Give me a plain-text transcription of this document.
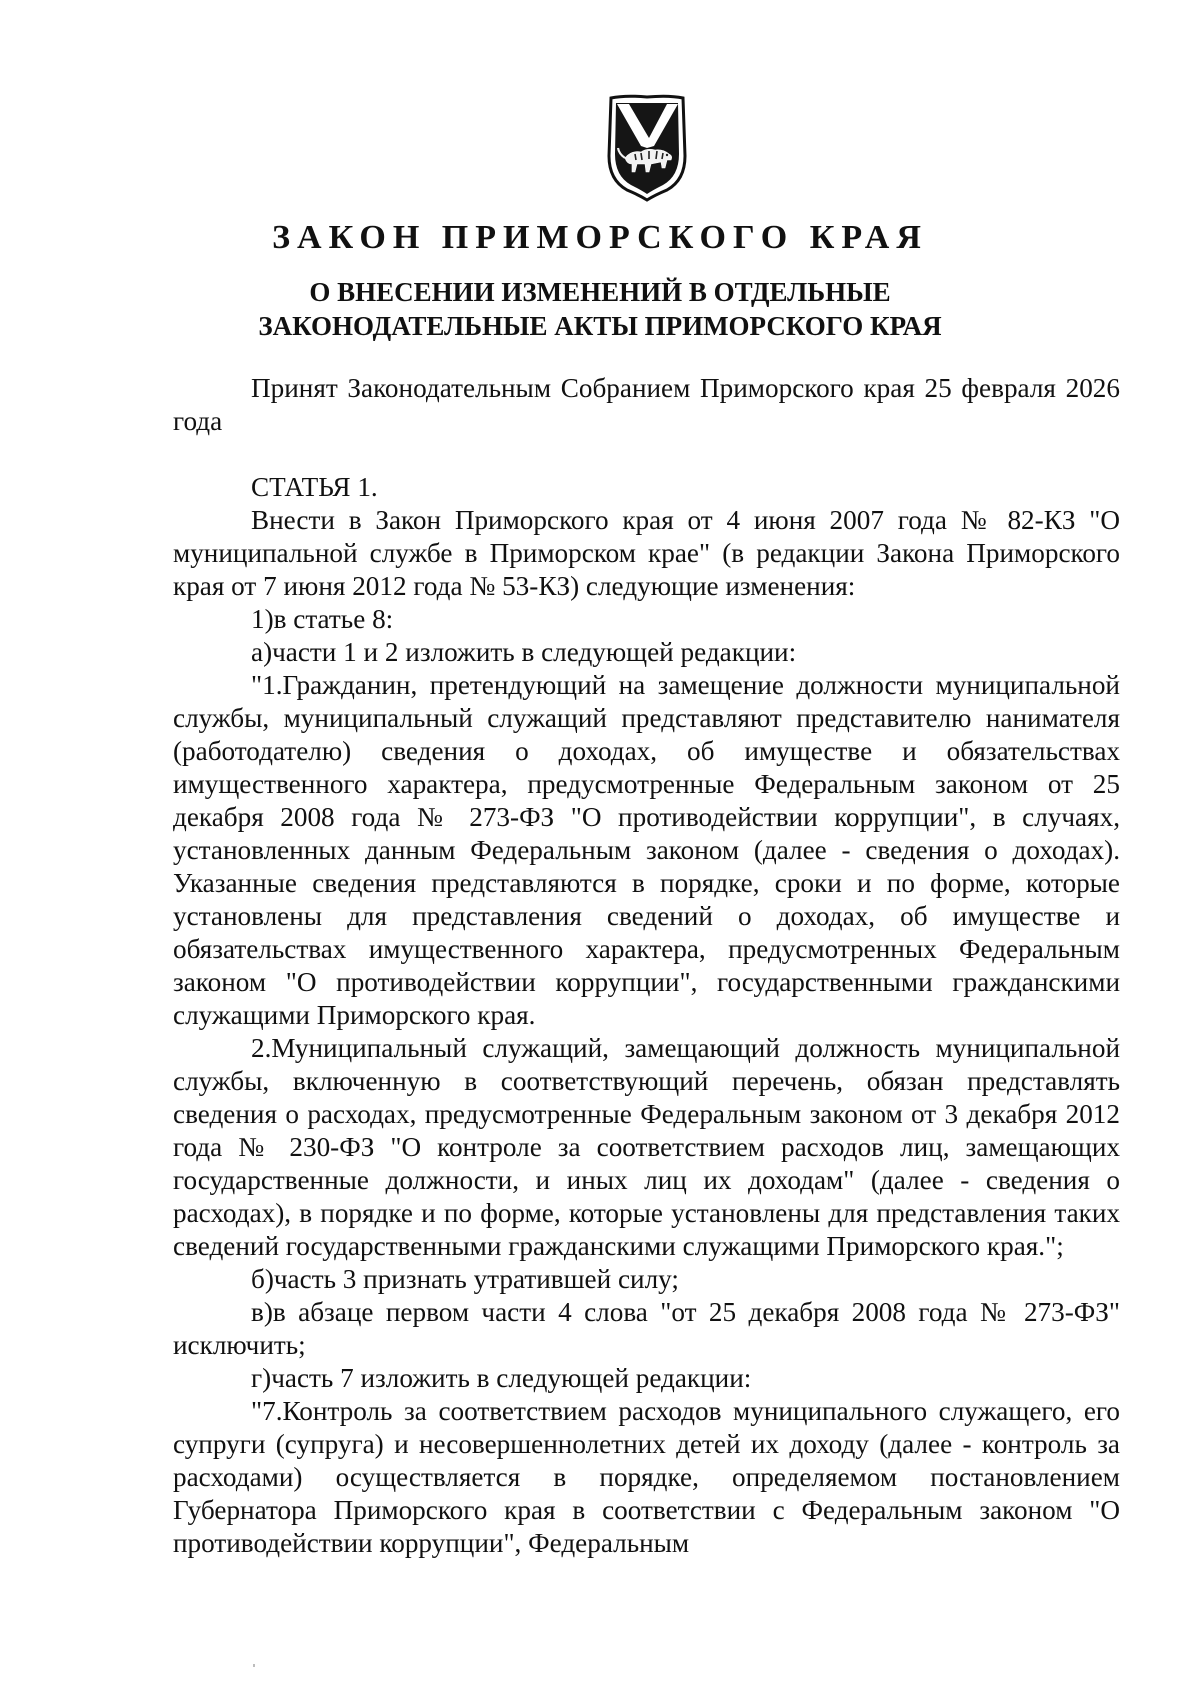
ЗАКОН ПРИМОРСКОГО КРАЯ
О ВНЕСЕНИИ ИЗМЕНЕНИЙ В ОТДЕЛЬНЫЕ
ЗАКОНОДАТЕЛЬНЫЕ АКТЫ ПРИМОРСКОГО КРАЯ

Принят Законодательным Собранием Приморского края 25 февраля 2026 года

СТАТЬЯ 1.

Внести в Закон Приморского края от 4 июня 2007 года № 82-КЗ "О муниципальной службе в Приморском крае" (в редакции Закона Приморского края от 7 июня 2012 года № 53-КЗ) следующие изменения:

1)в статье 8:

а)части 1 и 2 изложить в следующей редакции:

"1.Гражданин, претендующий на замещение должности муниципальной службы, муниципальный служащий представляют представителю нанимателя (работодателю) сведения о доходах, об имуществе и обязательствах имущественного характера, предусмотренные Федеральным законом от 25 декабря 2008 года № 273-ФЗ "О противодействии коррупции", в случаях, установленных данным Федеральным законом (далее - сведения о доходах). Указанные сведения представляются в порядке, сроки и по форме, которые установлены для представления сведений о доходах, об имуществе и обязательствах имущественного характера, предусмотренных Федеральным законом "О противодействии коррупции", государственными гражданскими служащими Приморского края.

2.Муниципальный служащий, замещающий должность муниципальной службы, включенную в соответствующий перечень, обязан представлять сведения о расходах, предусмотренные Федеральным законом от 3 декабря 2012 года № 230-ФЗ "О контроле за соответствием расходов лиц, замещающих государственные должности, и иных лиц их доходам" (далее - сведения о расходах), в порядке и по форме, которые установлены для представления таких сведений государственными гражданскими служащими Приморского края.";

б)часть 3 признать утратившей силу;

в)в абзаце первом части 4 слова "от 25 декабря 2008 года № 273-ФЗ" исключить;

г)часть 7 изложить в следующей редакции:

"7.Контроль за соответствием расходов муниципального служащего, его супруги (супруга) и несовершеннолетних детей их доходу (далее - контроль за расходами) осуществляется в порядке, определяемом постановлением Губернатора Приморского края в соответствии с Федеральным законом "О противодействии коррупции", Федеральным
